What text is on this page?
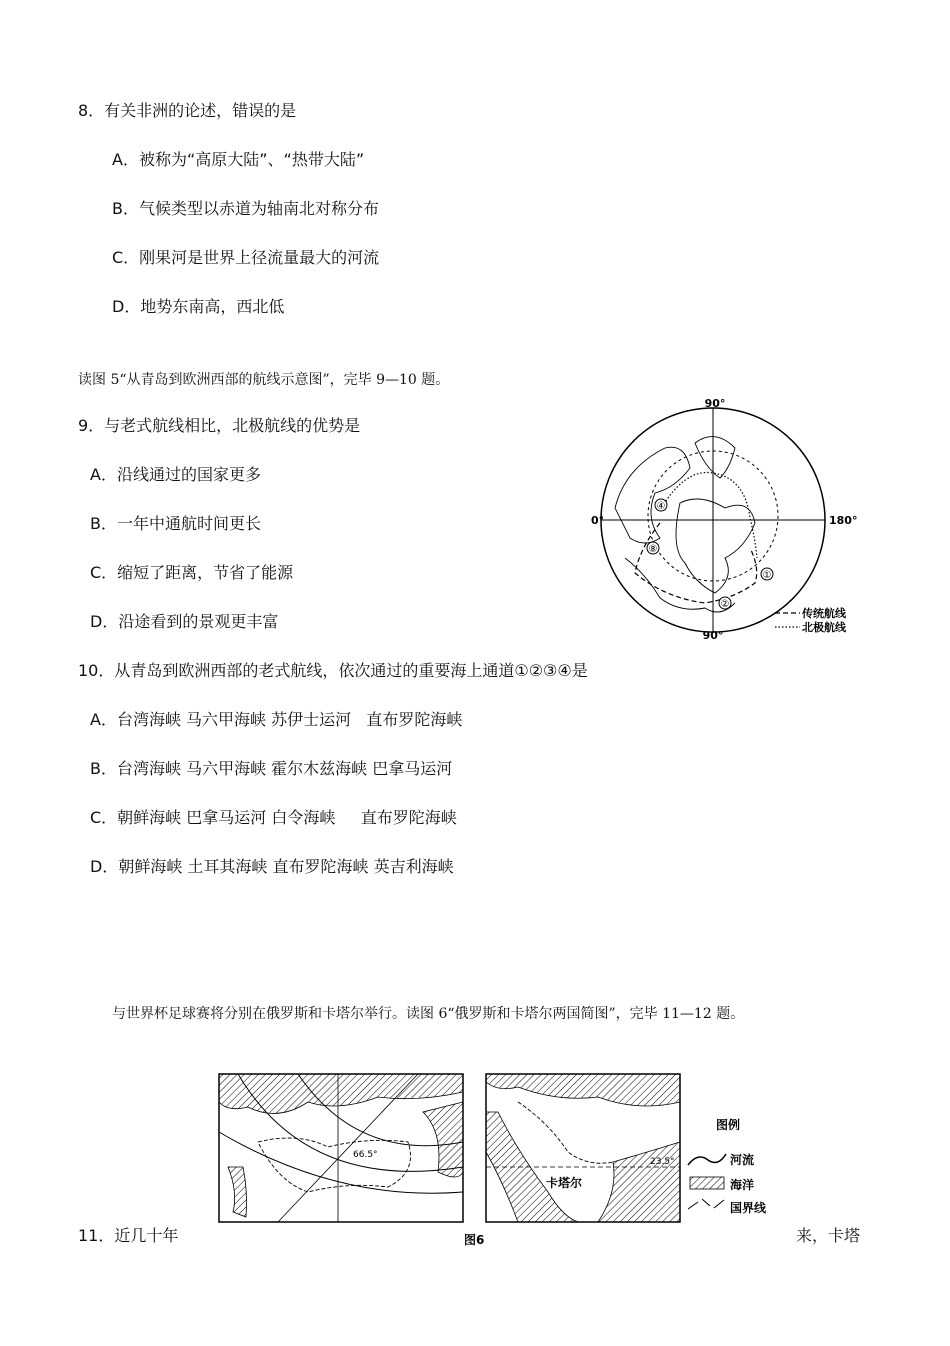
8．有关非洲的论述，错误的是
A．被称为“高原大陆”、“热带大陆”
B．气候类型以赤道为轴南北对称分布
C．刚果河是世界上径流量最大的河流
D．地势东南高，西北低
读图 5“从青岛到欧洲西部的航线示意图”，完毕 9—10 题。
9．与老式航线相比，北极航线的优势是
A．沿线通过的国家更多
B．一年中通航时间更长
C．缩短了距离，节省了能源
D．沿途看到的景观更丰富
①
②
④
⑧
90°
90°
0°	180°
传统航线
北极航线
10．从青岛到欧洲西部的老式航线，依次通过的重要海上通道①②③④是
A．台湾海峡 马六甲海峡 苏伊士运河   直布罗陀海峡
B．台湾海峡 马六甲海峡 霍尔木兹海峡 巴拿马运河
C．朝鲜海峡 巴拿马运河 白令海峡     直布罗陀海峡
D．朝鲜海峡 土耳其海峡 直布罗陀海峡 英吉利海峡
与世界杯足球赛将分别在俄罗斯和卡塔尔举行。读图 6“俄罗斯和卡塔尔两国简图”，完毕 11—12 题。
66.5°
23.5°
卡塔尔
图例
河流
海洋
国界线
图6
11．近几十年	来，卡塔
